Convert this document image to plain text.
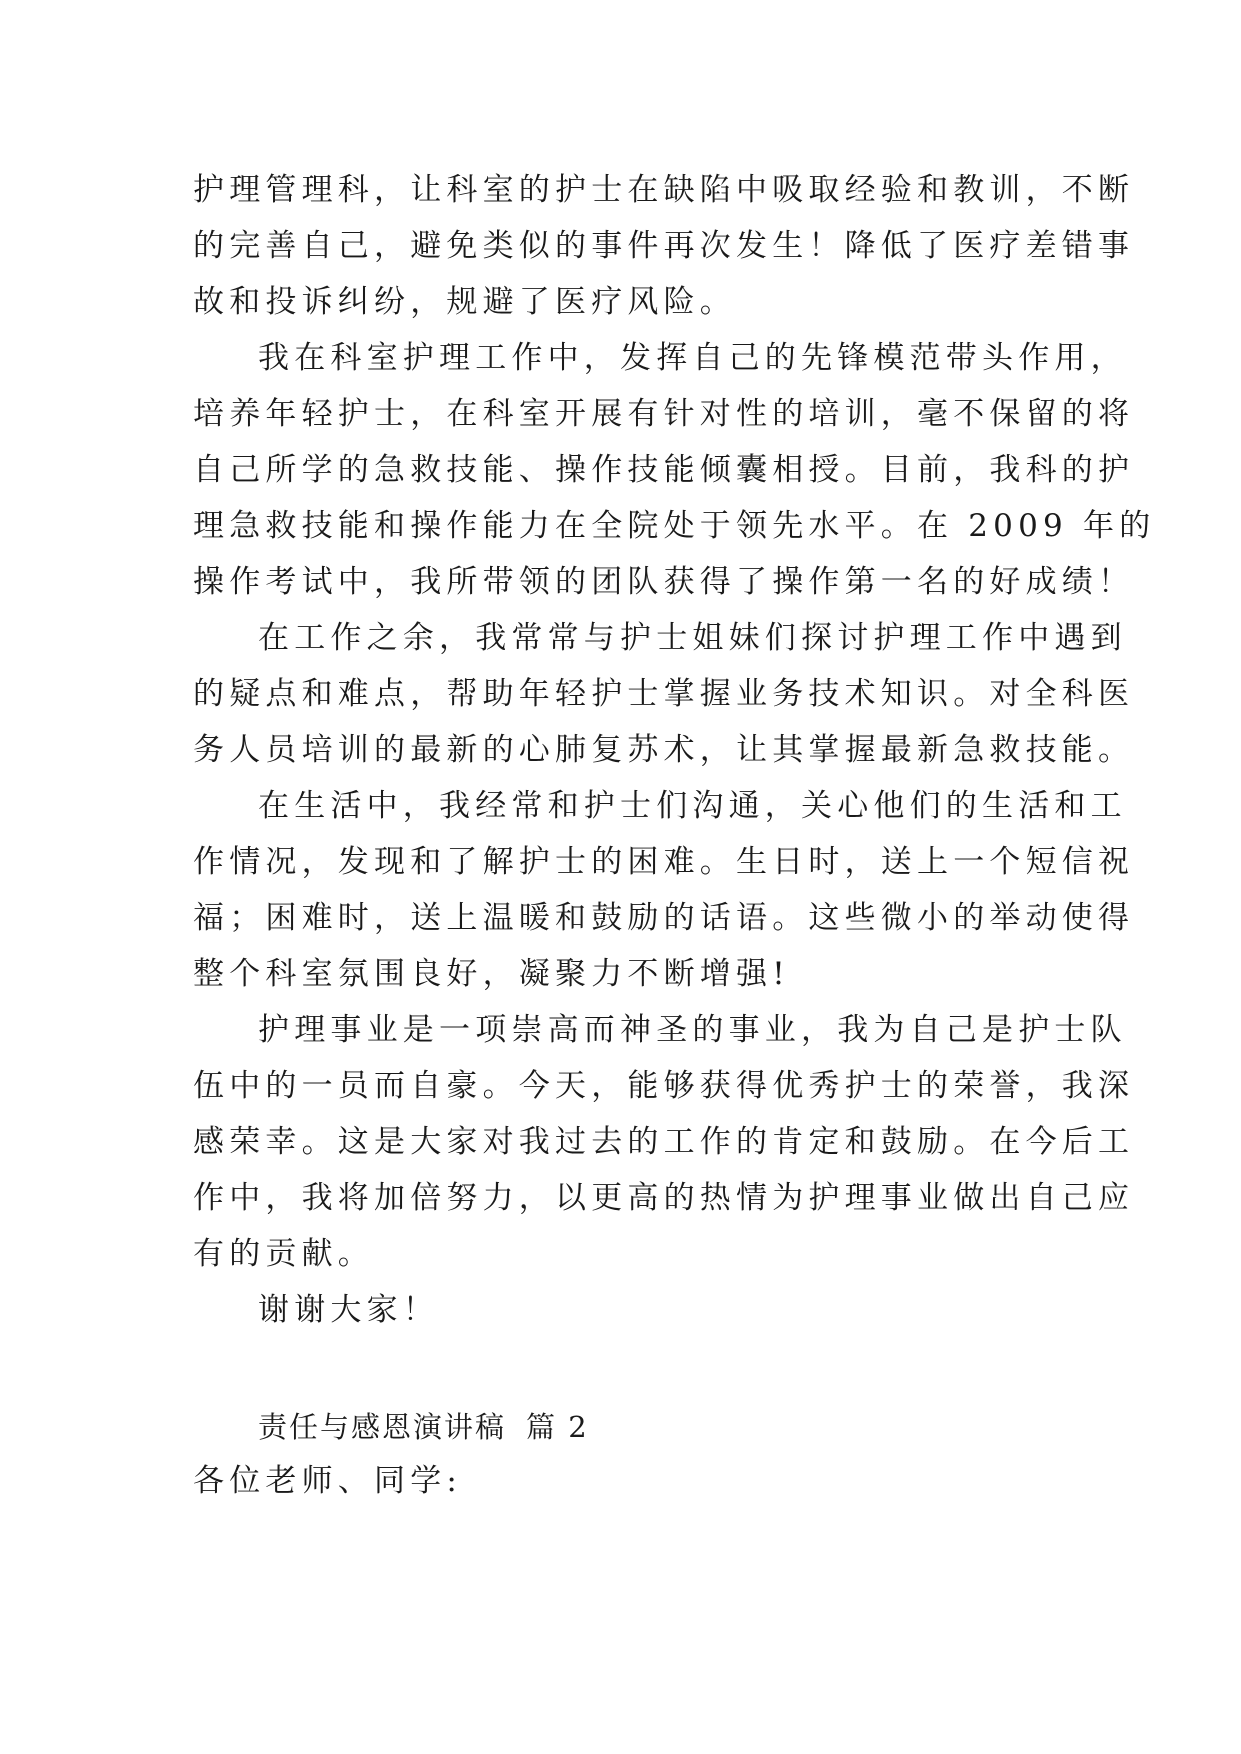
护理管理科，让科室的护士在缺陷中吸取经验和教训，不断
的完善自己，避免类似的事件再次发生！降低了医疗差错事
故和投诉纠纷，规避了医疗风险。
我在科室护理工作中，发挥自己的先锋模范带头作用，
培养年轻护士，在科室开展有针对性的培训，毫不保留的将
自己所学的急救技能、操作技能倾囊相授。目前，我科的护
理急救技能和操作能力在全院处于领先水平。在 2009 年的
操作考试中，我所带领的团队获得了操作第一名的好成绩！
在工作之余，我常常与护士姐妹们探讨护理工作中遇到
的疑点和难点，帮助年轻护士掌握业务技术知识。对全科医
务人员培训的最新的心肺复苏术，让其掌握最新急救技能。
在生活中，我经常和护士们沟通，关心他们的生活和工
作情况，发现和了解护士的困难。生日时，送上一个短信祝
福；困难时，送上温暖和鼓励的话语。这些微小的举动使得
整个科室氛围良好，凝聚力不断增强!
护理事业是一项崇高而神圣的事业，我为自己是护士队
伍中的一员而自豪。今天，能够获得优秀护士的荣誉，我深
感荣幸。这是大家对我过去的工作的肯定和鼓励。在今后工
作中，我将加倍努力，以更高的热情为护理事业做出自己应
有的贡献。
谢谢大家！
责任与感恩演讲稿 篇 2
各位老师、同学:
